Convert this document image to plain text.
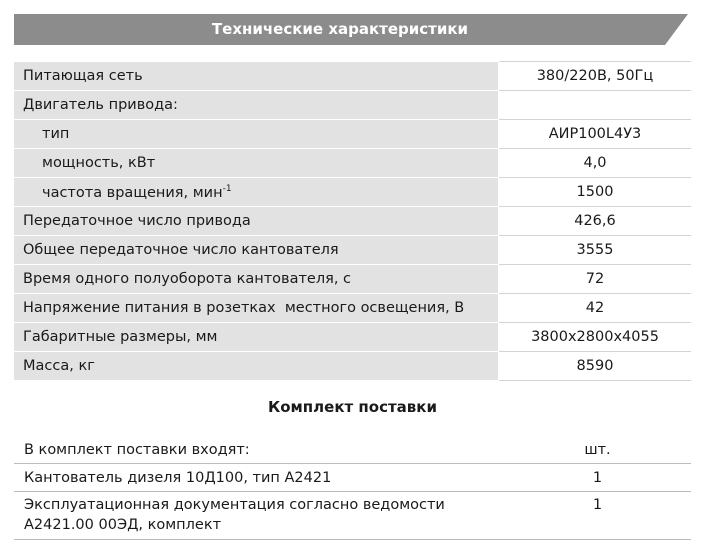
Технические характеристики
Питающая сеть	380/220В, 50Гц
Двигатель привода:	
тип	АИР100L4У3
мощность, кВт	4,0
частота вращения, мин$^{-1}$	1500
Передаточное число привода	426,6
Общее передаточное число кантователя	3555
Время одного полуоборота кантователя, с	72
Напряжение питания в розетках  местного освещения, В	42
Габаритные размеры, мм	3800х2800х4055
Масса, кг	8590
Комплект поставки
В комплект поставки входят:	шт.
Кантователь дизеля 10Д100, тип А2421	1

Эксплуатационная документация согласно ведомости
А2421.00 00ЭД, комплект	1
